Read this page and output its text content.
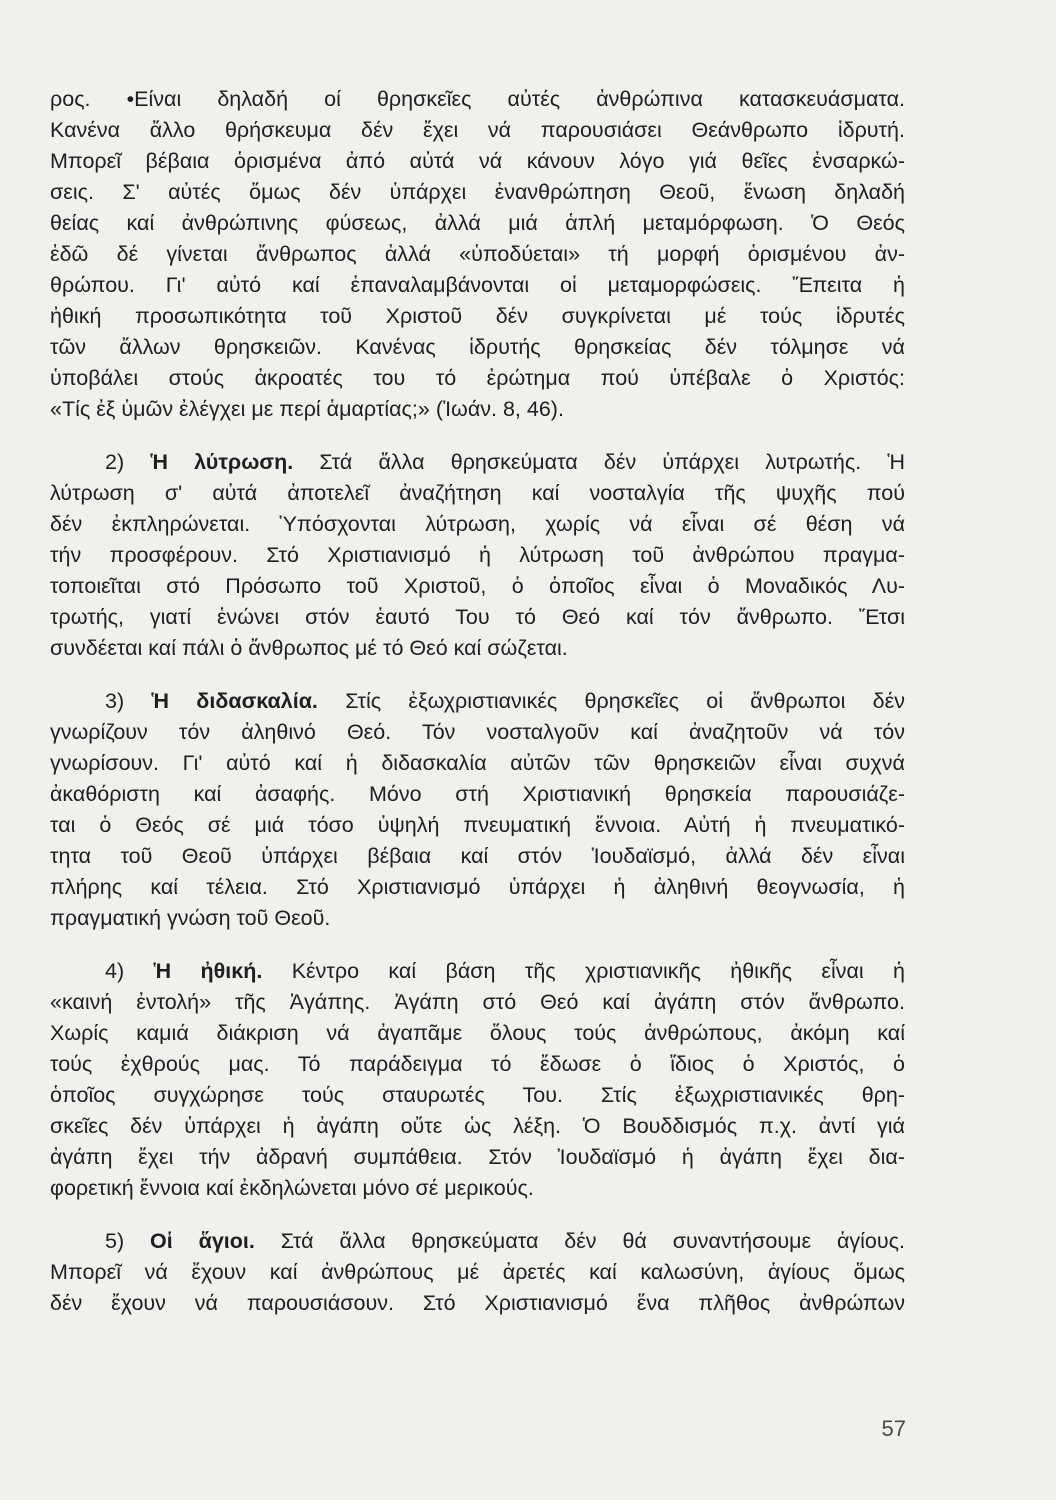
ρος. •Είναι δηλαδή οί θρησκεῖες αὐτές ἀνθρώπινα κατασκευάσματα.
Κανένα ἄλλο θρήσκευμα δέν ἔχει νά παρουσιάσει Θεάνθρωπο ἱδρυτή.
Μπορεῖ βέβαια ὁρισμένα ἀπό αὐτά νά κάνουν λόγο γιά θεῖες ἐνσαρκώ-
σεις. Σ' αὐτές ὅμως δέν ὑπάρχει ἐνανθρώπηση Θεοῦ, ἕνωση δηλαδή
θείας καί ἀνθρώπινης φύσεως, ἀλλά μιά ἁπλή μεταμόρφωση. Ὁ Θεός
ἐδῶ δέ γίνεται ἄνθρωπος ἀλλά «ὑποδύεται» τή μορφή ὁρισμένου ἀν-
θρώπου. Γι' αὐτό καί ἐπαναλαμβάνονται οἱ μεταμορφώσεις. Ἔπειτα ἡ
ἠθική προσωπικότητα τοῦ Χριστοῦ δέν συγκρίνεται μέ τούς ἱδρυτές
τῶν ἄλλων θρησκειῶν. Κανένας ἱδρυτής θρησκείας δέν τόλμησε νά
ὑποβάλει στούς ἀκροατές του τό ἐρώτημα πού ὑπέβαλε ὁ Χριστός:
«Τίς ἐξ ὑμῶν ἐλέγχει με περί ἁμαρτίας;» (Ἰωάν. 8, 46).
2) Ἡ λύτρωση. Στά ἄλλα θρησκεύματα δέν ὑπάρχει λυτρωτής. Ἡ
λύτρωση σ' αὐτά ἀποτελεῖ ἀναζήτηση καί νοσταλγία τῆς ψυχῆς πού
δέν ἐκπληρώνεται. Ὑπόσχονται λύτρωση, χωρίς νά εἶναι σέ θέση νά
τήν προσφέρουν. Στό Χριστιανισμό ἡ λύτρωση τοῦ ἀνθρώπου πραγμα-
τοποιεῖται στό Πρόσωπο τοῦ Χριστοῦ, ὁ ὁποῖος εἶναι ὁ Μοναδικός Λυ-
τρωτής, γιατί ἑνώνει στόν ἑαυτό Του τό Θεό καί τόν ἄνθρωπο. Ἔτσι
συνδέεται καί πάλι ὁ ἄνθρωπος μέ τό Θεό καί σώζεται.
3) Ἡ διδασκαλία. Στίς ἐξωχριστιανικές θρησκεῖες οἱ ἄνθρωποι δέν
γνωρίζουν τόν ἀληθινό Θεό. Τόν νοσταλγοῦν καί ἀναζητοῦν νά τόν
γνωρίσουν. Γι' αὐτό καί ἡ διδασκαλία αὐτῶν τῶν θρησκειῶν εἶναι συχνά
ἀκαθόριστη καί ἀσαφής. Μόνο στή Χριστιανική θρησκεία παρουσιάζε-
ται ὁ Θεός σέ μιά τόσο ὑψηλή πνευματική ἔννοια. Αὐτή ἡ πνευματικό-
τητα τοῦ Θεοῦ ὑπάρχει βέβαια καί στόν Ἰουδαϊσμό, ἀλλά δέν εἶναι
πλήρης καί τέλεια. Στό Χριστιανισμό ὑπάρχει ἡ ἀληθινή θεογνωσία, ἡ
πραγματική γνώση τοῦ Θεοῦ.
4) Ἡ ἠθική. Κέντρο καί βάση τῆς χριστιανικῆς ἠθικῆς εἶναι ἡ
«καινή ἐντολή» τῆς Ἀγάπης. Ἀγάπη στό Θεό καί ἀγάπη στόν ἄνθρωπο.
Χωρίς καμιά διάκριση νά ἀγαπᾶμε ὅλους τούς ἀνθρώπους, ἀκόμη καί
τούς ἐχθρούς μας. Τό παράδειγμα τό ἔδωσε ὁ ἴδιος ὁ Χριστός, ὁ
ὁποῖος συγχώρησε τούς σταυρωτές Του. Στίς ἐξωχριστιανικές θρη-
σκεῖες δέν ὑπάρχει ἡ ἀγάπη οὔτε ὡς λέξη. Ὁ Βουδδισμός π.χ. ἀντί γιά
ἀγάπη ἔχει τήν ἀδρανή συμπάθεια. Στόν Ἰουδαϊσμό ἡ ἀγάπη ἔχει δια-
φορετική ἔννοια καί ἐκδηλώνεται μόνο σέ μερικούς.
5) Οἱ ἅγιοι. Στά ἄλλα θρησκεύματα δέν θά συναντήσουμε ἁγίους.
Μπορεῖ νά ἔχουν καί ἀνθρώπους μέ ἀρετές καί καλωσύνη, ἁγίους ὅμως
δέν ἔχουν νά παρουσιάσουν. Στό Χριστιανισμό ἕνα πλῆθος ἀνθρώπων
57
